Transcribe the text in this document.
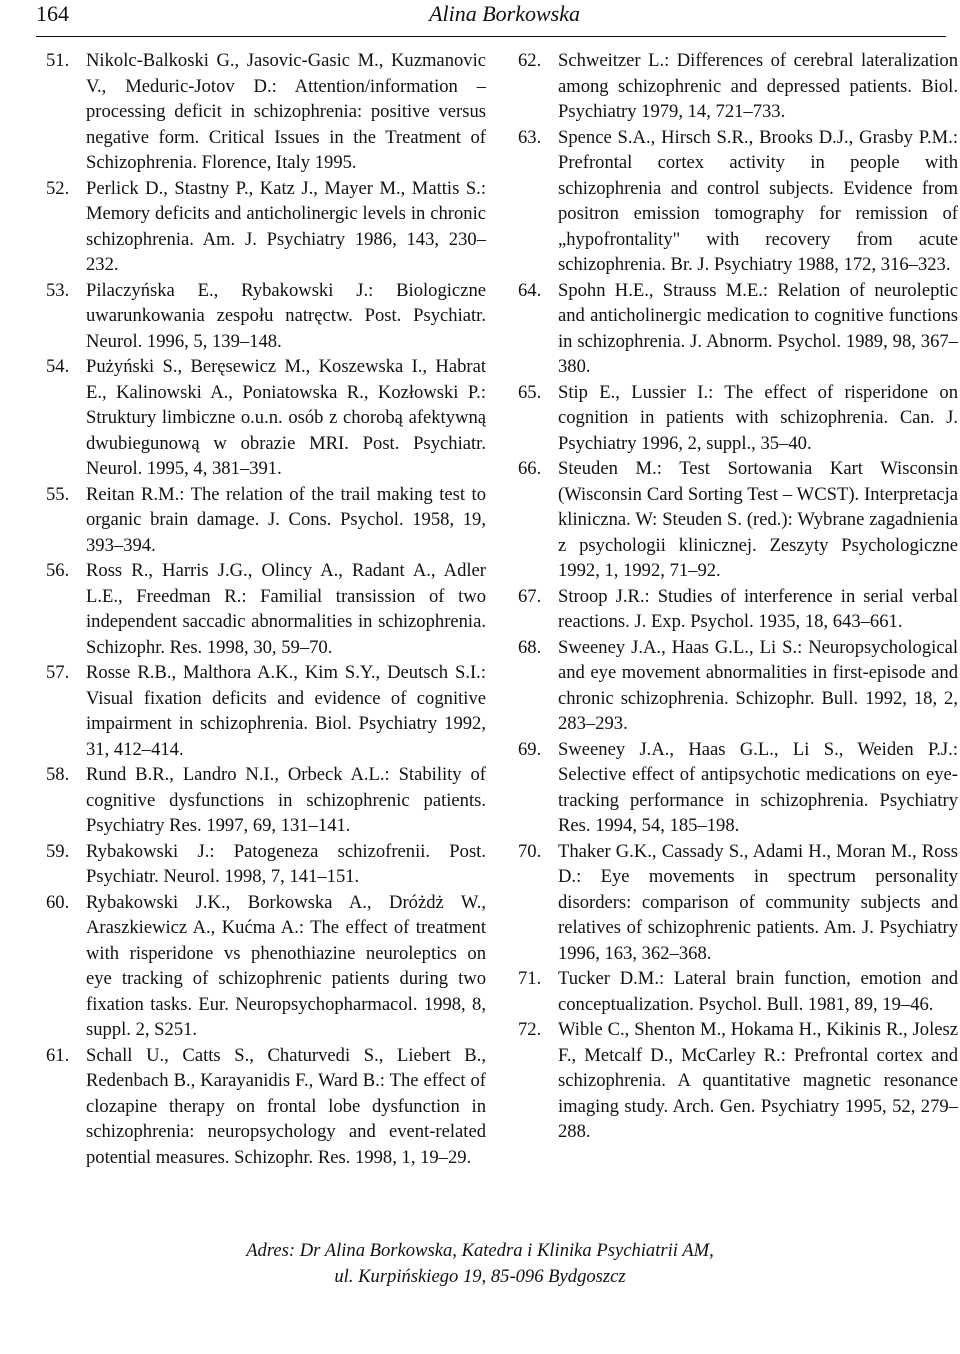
164	Alina Borkowska
51. Nikolc-Balkoski G., Jasovic-Gasic M., Kuzmanovic V., Meduric-Jotov D.: Attention/information – processing deficit in schizophrenia: positive versus negative form. Critical Issues in the Treatment of Schizophrenia. Florence, Italy 1995.
52. Perlick D., Stastny P., Katz J., Mayer M., Mattis S.: Memory deficits and anticholinergic levels in chronic schizophrenia. Am. J. Psychiatry 1986, 143, 230–232.
53. Pilaczyńska E., Rybakowski J.: Biologiczne uwarunkowania zespołu natręctw. Post. Psychiatr. Neurol. 1996, 5, 139–148.
54. Pużyński S., Beręsewicz M., Koszewska I., Habrat E., Kalinowski A., Poniatowska R., Kozłowski P.: Struktury limbiczne o.u.n. osób z chorobą afektywną dwubiegunową w obrazie MRI. Post. Psychiatr. Neurol. 1995, 4, 381–391.
55. Reitan R.M.: The relation of the trail making test to organic brain damage. J. Cons. Psychol. 1958, 19, 393–394.
56. Ross R., Harris J.G., Olincy A., Radant A., Adler L.E., Freedman R.: Familial transission of two independent saccadic abnormalities in schizophrenia. Schizophr. Res. 1998, 30, 59–70.
57. Rosse R.B., Malthora A.K., Kim S.Y., Deutsch S.I.: Visual fixation deficits and evidence of cognitive impairment in schizophrenia. Biol. Psychiatry 1992, 31, 412–414.
58. Rund B.R., Landro N.I., Orbeck A.L.: Stability of cognitive dysfunctions in schizophrenic patients. Psychiatry Res. 1997, 69, 131–141.
59. Rybakowski J.: Patogeneza schizofrenii. Post. Psychiatr. Neurol. 1998, 7, 141–151.
60. Rybakowski J.K., Borkowska A., Dróżdż W., Araszkiewicz A., Kućma A.: The effect of treatment with risperidone vs phenothiazine neuroleptics on eye tracking of schizophrenic patients during two fixation tasks. Eur. Neuropsychopharmacol. 1998, 8, suppl. 2, S251.
61. Schall U., Catts S., Chaturvedi S., Liebert B., Redenbach B., Karayanidis F., Ward B.: The effect of clozapine therapy on frontal lobe dysfunction in schizophrenia: neuropsychology and event-related potential measures. Schizophr. Res. 1998, 1, 19–29.
62. Schweitzer L.: Differences of cerebral lateralization among schizophrenic and depressed patients. Biol. Psychiatry 1979, 14, 721–733.
63. Spence S.A., Hirsch S.R., Brooks D.J., Grasby P.M.: Prefrontal cortex activity in people with schizophrenia and control subjects. Evidence from positron emission tomography for remission of „hypofrontality" with recovery from acute schizophrenia. Br. J. Psychiatry 1988, 172, 316–323.
64. Spohn H.E., Strauss M.E.: Relation of neuroleptic and anticholinergic medication to cognitive functions in schizophrenia. J. Abnorm. Psychol. 1989, 98, 367–380.
65. Stip E., Lussier I.: The effect of risperidone on cognition in patients with schizophrenia. Can. J. Psychiatry 1996, 2, suppl., 35–40.
66. Steuden M.: Test Sortowania Kart Wisconsin (Wisconsin Card Sorting Test – WCST). Interpretacja kliniczna. W: Steuden S. (red.): Wybrane zagadnienia z psychologii klinicznej. Zeszyty Psychologiczne 1992, 1, 1992, 71–92.
67. Stroop J.R.: Studies of interference in serial verbal reactions. J. Exp. Psychol. 1935, 18, 643–661.
68. Sweeney J.A., Haas G.L., Li S.: Neuropsychological and eye movement abnormalities in first-episode and chronic schizophrenia. Schizophr. Bull. 1992, 18, 2, 283–293.
69. Sweeney J.A., Haas G.L., Li S., Weiden P.J.: Selective effect of antipsychotic medications on eye-tracking performance in schizophrenia. Psychiatry Res. 1994, 54, 185–198.
70. Thaker G.K., Cassady S., Adami H., Moran M., Ross D.: Eye movements in spectrum personality disorders: comparison of community subjects and relatives of schizophrenic patients. Am. J. Psychiatry 1996, 163, 362–368.
71. Tucker D.M.: Lateral brain function, emotion and conceptualization. Psychol. Bull. 1981, 89, 19–46.
72. Wible C., Shenton M., Hokama H., Kikinis R., Jolesz F., Metcalf D., McCarley R.: Prefrontal cortex and schizophrenia. A quantitative magnetic resonance imaging study. Arch. Gen. Psychiatry 1995, 52, 279–288.
Adres: Dr Alina Borkowska, Katedra i Klinika Psychiatrii AM,
ul. Kurpińskiego 19, 85-096 Bydgoszcz
